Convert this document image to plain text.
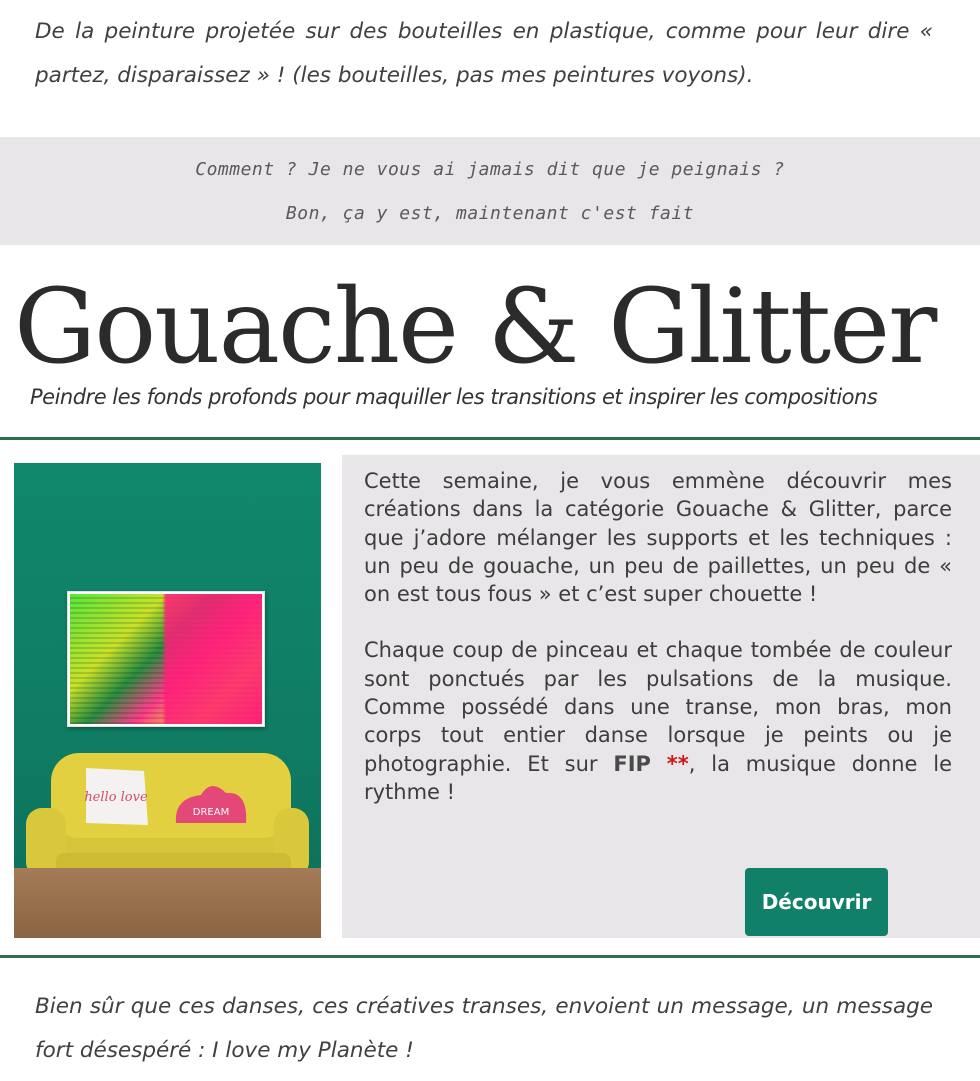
De la peinture projetée sur des bouteilles en plastique, comme pour leur dire « partez, disparaissez » ! (les bouteilles, pas mes peintures voyons).

Comment ? Je ne vous ai jamais dit que je peignais ?

Bon, ça y est, maintenant c'est fait

Gouache & Glitter
Peindre les fonds profonds pour maquiller les transitions et inspirer les compositions
hello love
DREAM

Cette semaine, je vous emmène découvrir mes créations dans la catégorie Gouache & Glitter, parce que j’adore mélanger les supports et les techniques : un peu de gouache, un peu de paillettes, un peu de « on est tous fous » et c’est super chouette !

Chaque coup de pinceau et chaque tombée de couleur sont ponctués par les pulsations de la musique. Comme possédé dans une transe, mon bras, mon corps tout entier danse lorsque je peints ou je photographie. Et sur FIP **, la musique donne le rythme !

Découvrir

Bien sûr que ces danses, ces créatives transes, envoient un message, un message fort désespéré : I love my Planète !
